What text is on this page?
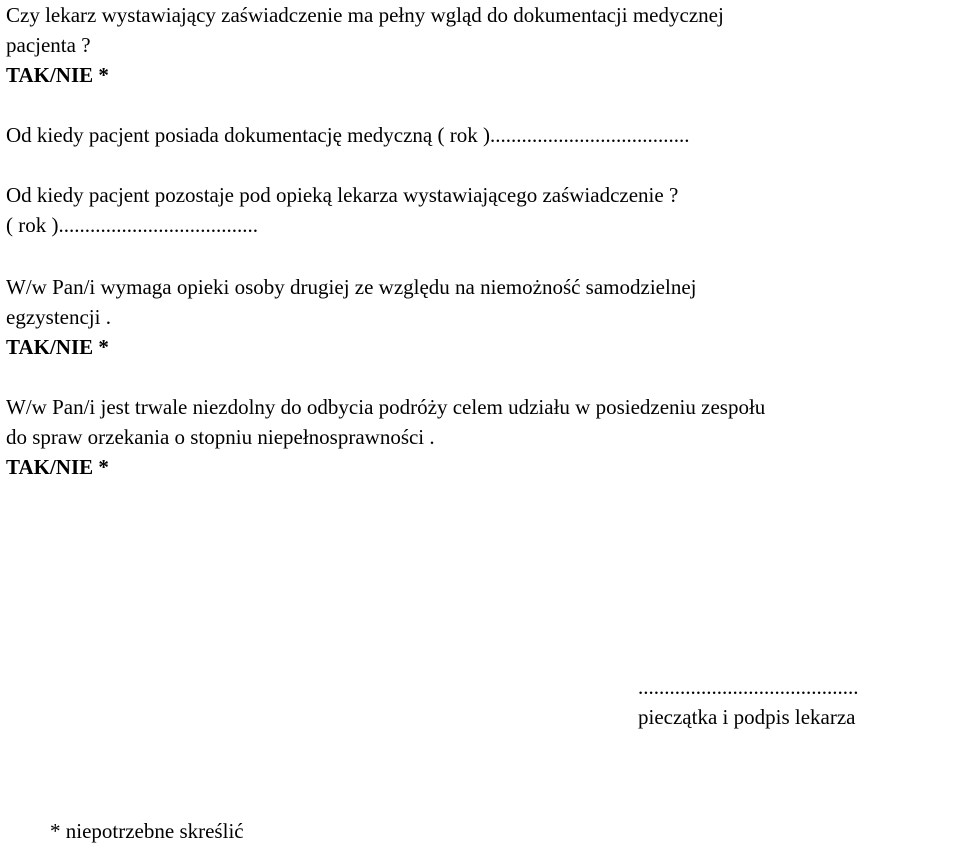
Czy lekarz wystawiający zaświadczenie ma pełny wgląd do dokumentacji medycznej
pacjenta ?
TAK/NIE *
Od kiedy pacjent posiada dokumentację medyczną ( rok )......................................
Od kiedy pacjent pozostaje pod opieką lekarza wystawiającego zaświadczenie ?
( rok )......................................
W/w Pan/i wymaga opieki osoby drugiej ze względu na niemożność samodzielnej
egzystencji .
TAK/NIE *
W/w Pan/i jest trwale niezdolny do odbycia podróży celem udziału w posiedzeniu zespołu
do spraw orzekania o stopniu niepełnosprawności .
TAK/NIE *
..........................................
pieczątka i podpis lekarza
* niepotrzebne skreślić
